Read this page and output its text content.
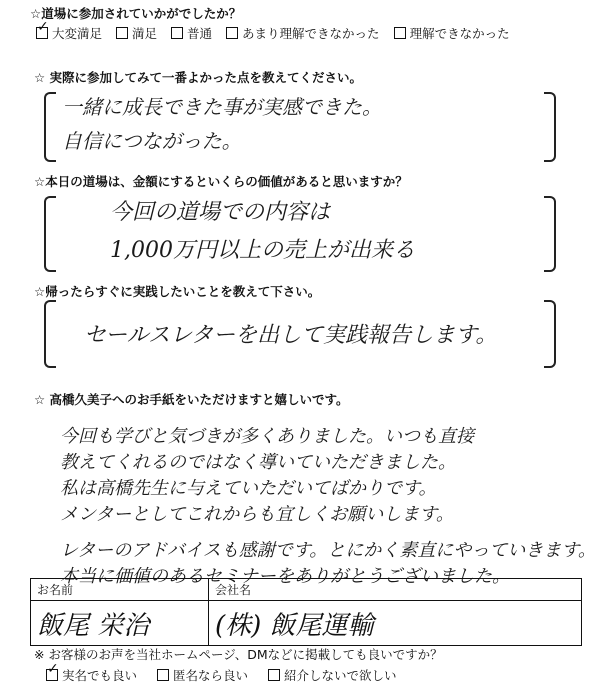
☆道場に参加されていかがでしたか？
✓大変満足	満足	普通	あまり理解できなかった	理解できなかった
☆ 実際に参加してみて一番よかった点を教えてください。
一緒に成長できた事が実感できた。
自信につながった。
☆本日の道場は、金額にするといくらの価値があると思いますか？
今回の道場での内容は
1,000万円以上の売上が出来る
☆帰ったらすぐに実践したいことを教えて下さい。
セールスレターを出して実践報告します。
☆ 高橋久美子へのお手紙をいただけますと嬉しいです。
今回も学びと気づきが多くありました。いつも直接
教えてくれるのではなく導いていただきました。
私は高橋先生に与えていただいてばかりです。
メンターとしてこれからも宜しくお願いします。
レターのアドバイスも感謝です。とにかく素直にやっていきます。
本当に価値のあるセミナーをありがとうございました。
お名前	会社名
飯尾 栄治	(株) 飯尾運輸
※ お客様のお声を当社ホームページ、DMなどに掲載しても良いですか？
✓実名でも良い	匿名なら良い	紹介しないで欲しい
